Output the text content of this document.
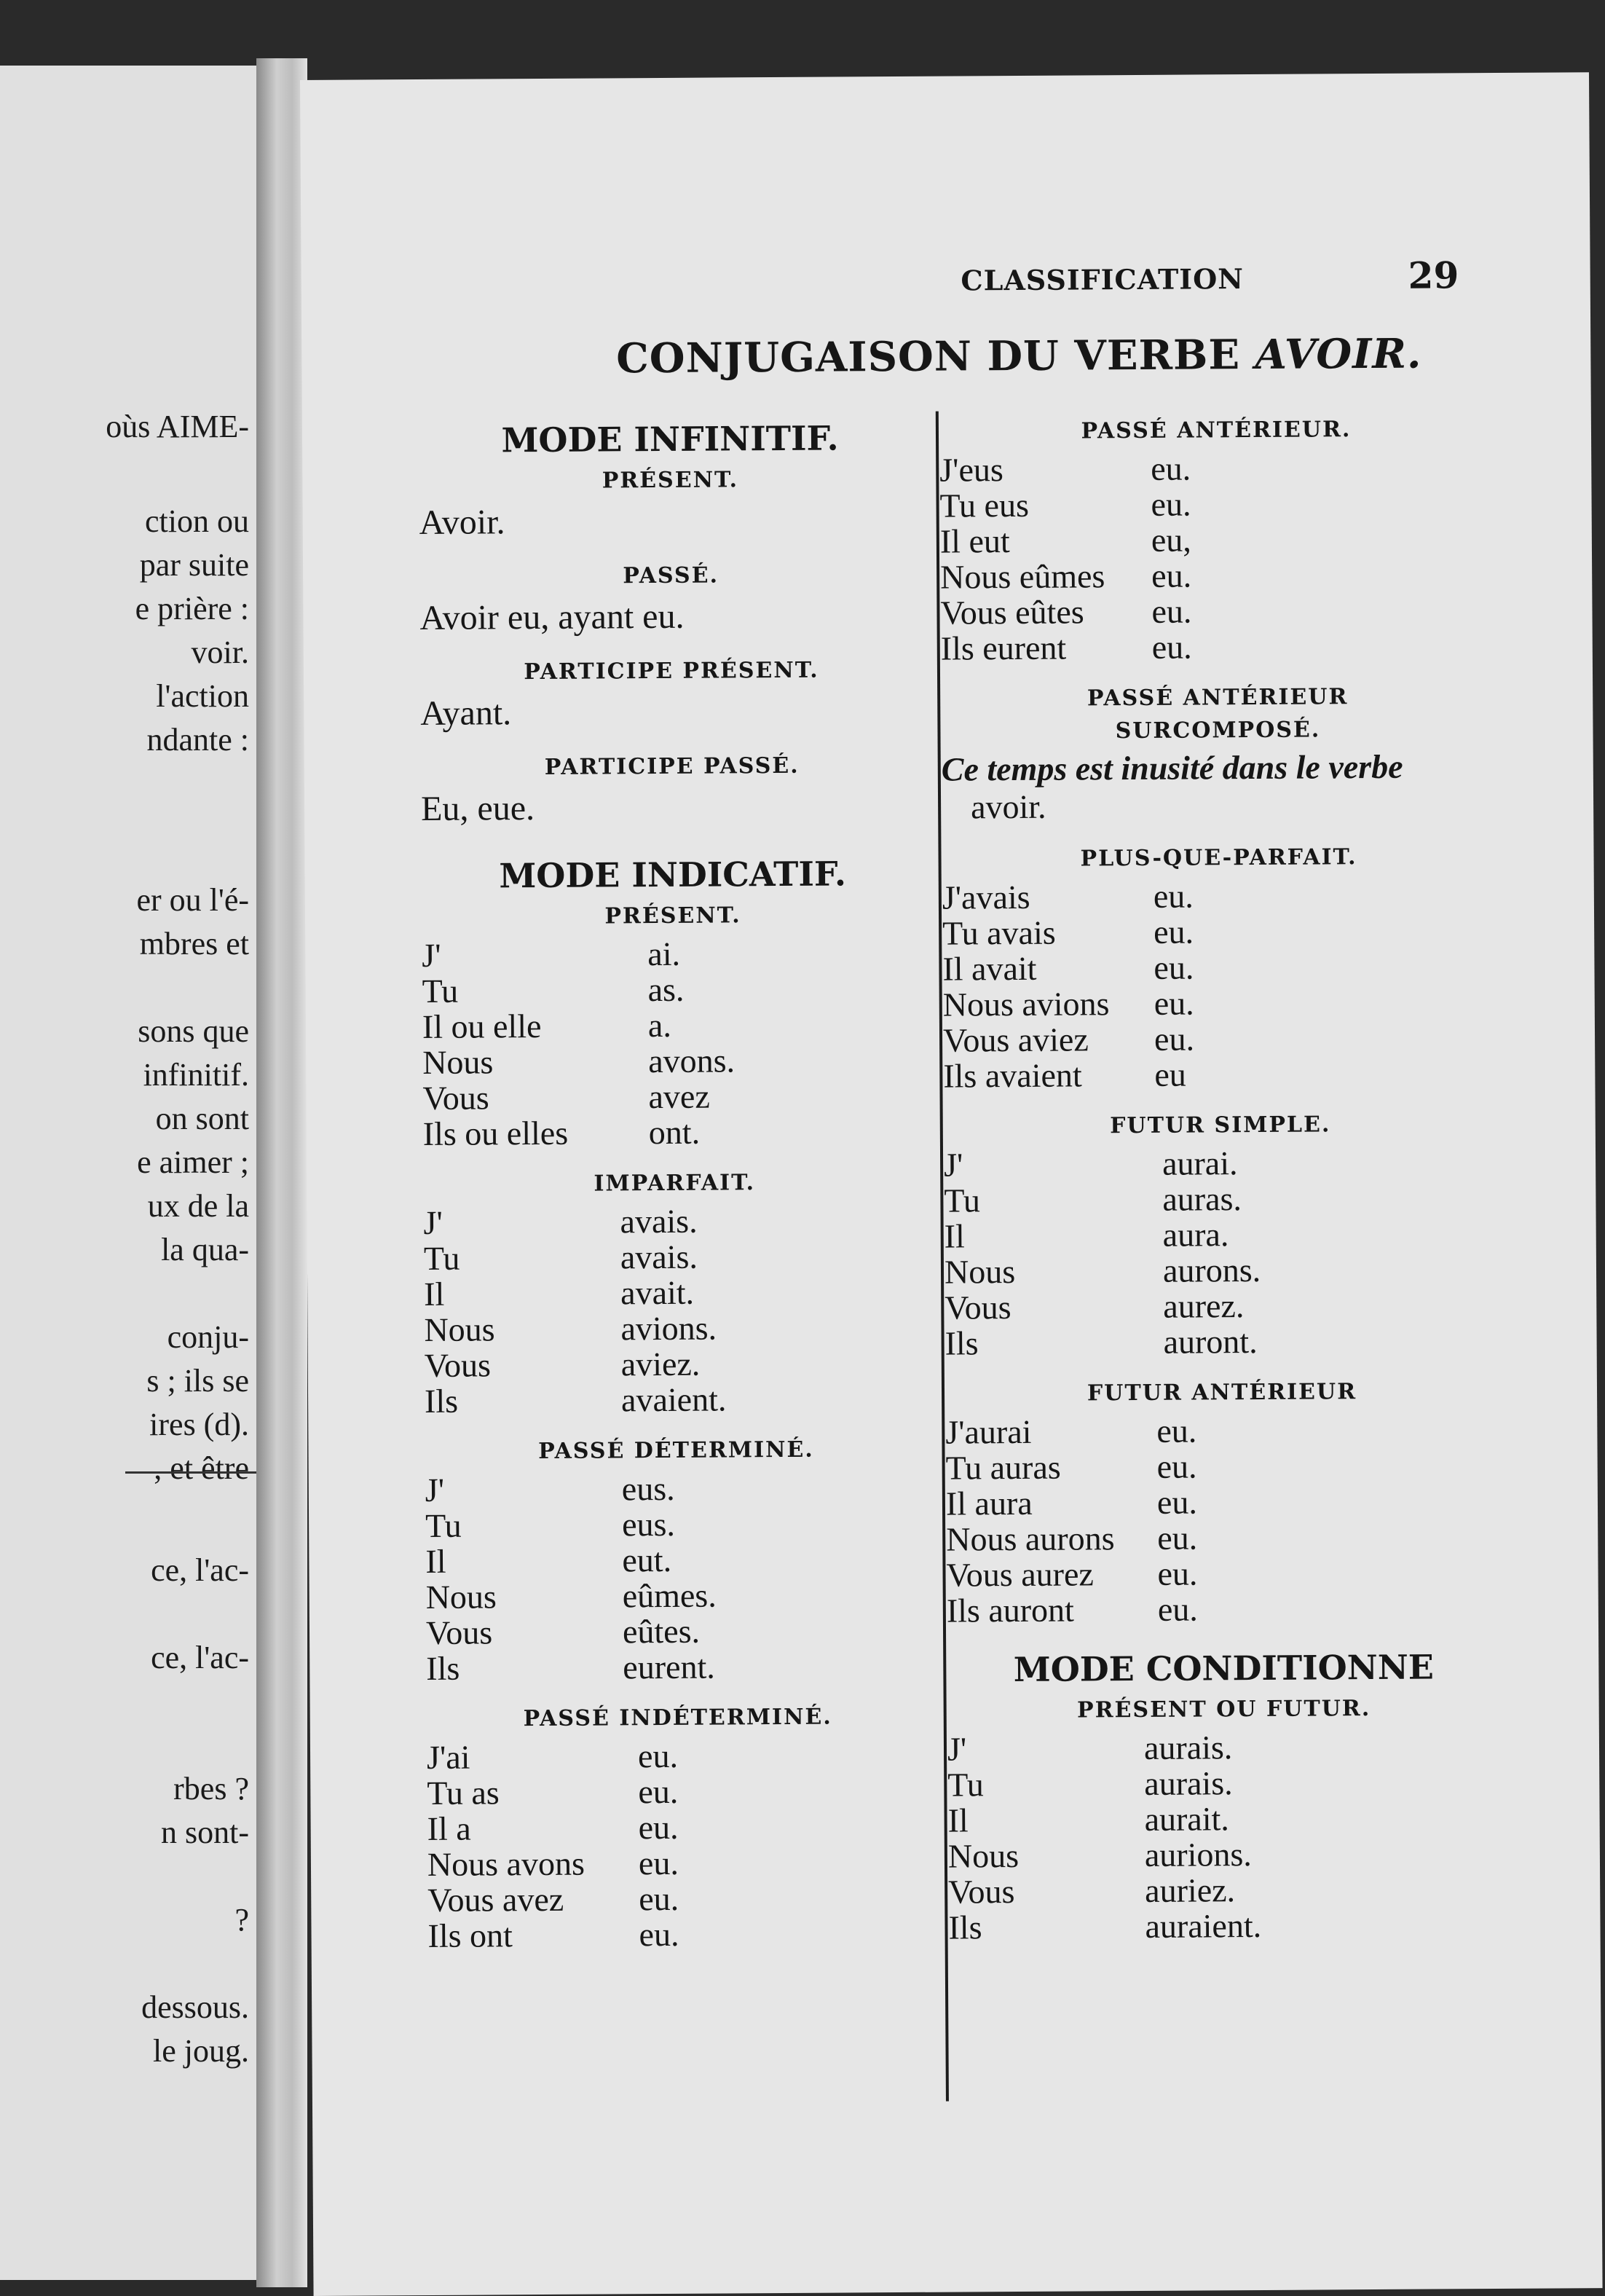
oùs AIME-
ction ou
par suite
e prière :
voir.
l'action
ndante :
er ou l'é-
mbres et
sons que
infinitif.
on sont
e aimer ;
ux de la
la qua-
conju-
s ; ils se
ires (d).
, et être
ce, l'ac-
ce, l'ac-
rbes ?
n sont-
?
dessous.
le joug.
CLASSIFICATION	29
CONJUGAISON DU VERBE AVOIR.
MODE INFINITIF.
PRÉSENT.
Avoir.
PASSÉ.
Avoir eu, ayant eu.
PARTICIPE PRÉSENT.
Ayant.
PARTICIPE PASSÉ.
Eu, eue.
MODE INDICATIF.
PRÉSENT.
J'	ai.
Tu	as.
Il ou elle	a.
Nous	avons.
Vous	avez
Ils ou elles	ont.
IMPARFAIT.
J'	avais.
Tu	avais.
Il	avait.
Nous	avions.
Vous	aviez.
Ils	avaient.
PASSÉ DÉTERMINÉ.
J'	eus.
Tu	eus.
Il	eut.
Nous	eûmes.
Vous	eûtes.
Ils	eurent.
PASSÉ INDÉTERMINÉ.
J'ai	eu.
Tu as	eu.
Il a	eu.
Nous avons	eu.
Vous avez	eu.
Ils ont	eu.
PASSÉ ANTÉRIEUR.
J'eus	eu.
Tu eus	eu.
Il eut	eu,
Nous eûmes	eu.
Vous eûtes	eu.
Ils eurent	eu.
PASSÉ ANTÉRIEUR
SURCOMPOSÉ.
Ce temps est inusité dans le verbe
avoir.
PLUS-QUE-PARFAIT.
J'avais	eu.
Tu avais	eu.
Il avait	eu.
Nous avions	eu.
Vous aviez	eu.
Ils avaient	eu
FUTUR SIMPLE.
J'	aurai.
Tu	auras.
Il	aura.
Nous	aurons.
Vous	aurez.
Ils	auront.
FUTUR ANTÉRIEUR
J'aurai	eu.
Tu auras	eu.
Il aura	eu.
Nous aurons	eu.
Vous aurez	eu.
Ils auront	eu.
MODE CONDITIONNE
PRÉSENT OU FUTUR.
J'	aurais.
Tu	aurais.
Il	aurait.
Nous	aurions.
Vous	auriez.
Ils	auraient.
